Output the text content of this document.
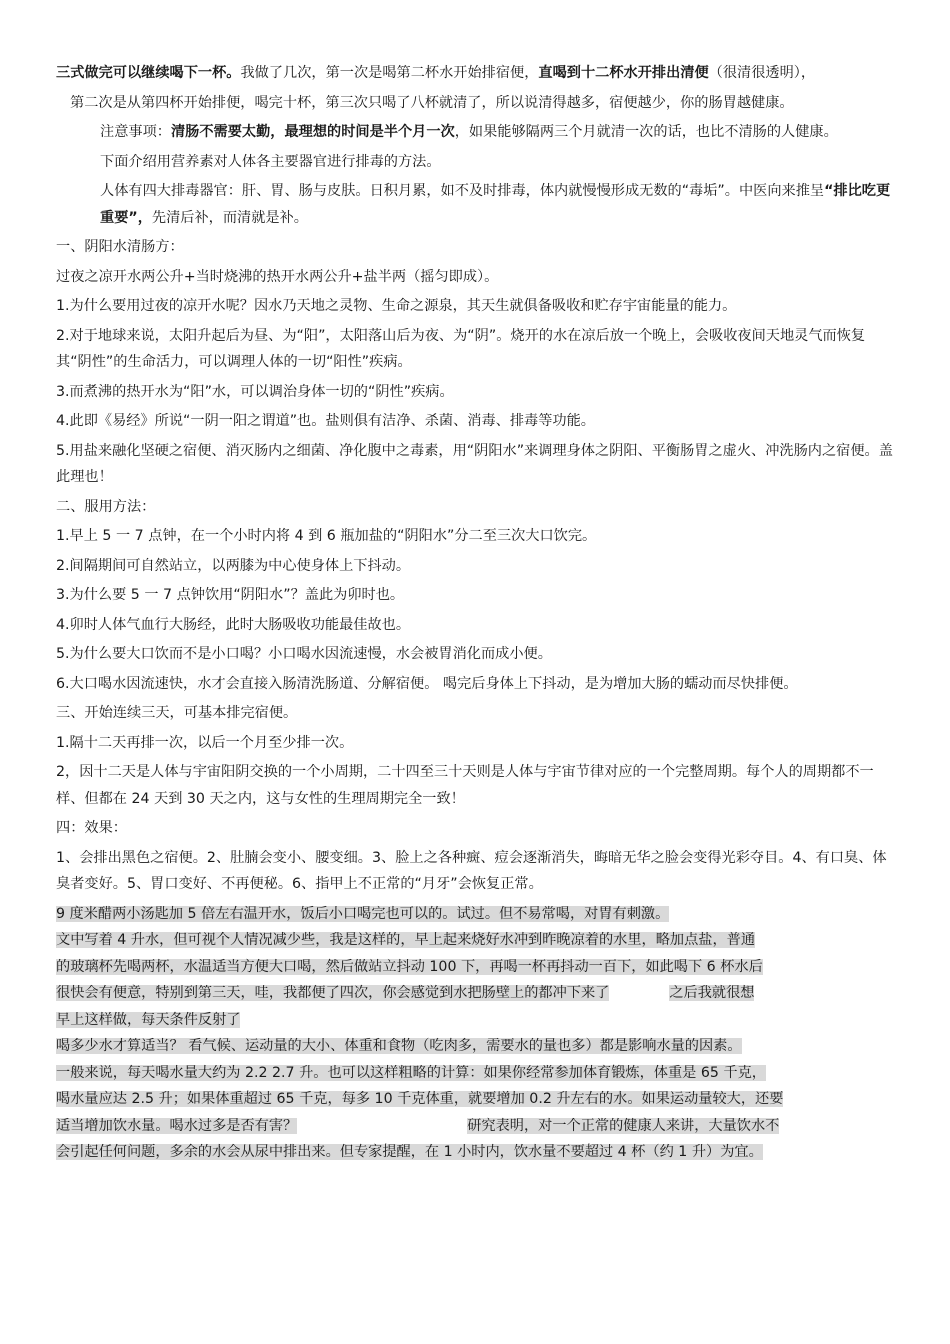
三式做完可以继续喝下一杯。我做了几次，第一次是喝第二杯水开始排宿便，直喝到十二杯水开排出清便（很清很透明），

第二次是从第四杯开始排便，喝完十杯，第三次只喝了八杯就清了，所以说清得越多，宿便越少，你的肠胃越健康。

注意事项：清肠不需要太勤，最理想的时间是半个月一次，如果能够隔两三个月就清一次的话，也比不清肠的人健康。

下面介绍用营养素对人体各主要器官进行排毒的方法。

人体有四大排毒器官：肝、胃、肠与皮肤。日积月累，如不及时排毒，体内就慢慢形成无数的“毒垢”。中医向来推呈“排比吃更重要”，先清后补，而清就是补。

一、阴阳水清肠方：

过夜之凉开水两公升+当时烧沸的热开水两公升+盐半两（摇匀即成）。

1.为什么要用过夜的凉开水呢？因水乃天地之灵物、生命之源泉，其天生就俱备吸收和贮存宇宙能量的能力。

2.对于地球来说，太阳升起后为昼、为“阳”，太阳落山后为夜、为“阴”。烧开的水在凉后放一个晚上，会吸收夜间天地灵气而恢复其“阴性”的生命活力，可以调理人体的一切“阳性”疾病。

3.而煮沸的热开水为“阳”水，可以调治身体一切的“阴性”疾病。

4.此即《易经》所说“一阴一阳之谓道”也。盐则俱有洁净、杀菌、消毒、排毒等功能。

5.用盐来融化坚硬之宿便、消灭肠内之细菌、净化腹中之毒素，用“阴阳水”来调理身体之阴阳、平衡肠胃之虚火、冲洗肠内之宿便。盖此理也！

二、服用方法：

1.早上 5 一 7 点钟，在一个小时内将 4 到 6 瓶加盐的“阴阳水”分二至三次大口饮完。

2.间隔期间可自然站立，以两膝为中心使身体上下抖动。

3.为什么要 5 一 7 点钟饮用“阴阳水”？盖此为卯时也。

4.卯时人体气血行大肠经，此时大肠吸收功能最佳故也。

5.为什么要大口饮而不是小口喝？小口喝水因流速慢，水会被胃消化而成小便。

6.大口喝水因流速快，水才会直接入肠清洗肠道、分解宿便。 喝完后身体上下抖动，是为增加大肠的蠕动而尽快排便。

三、开始连续三天，可基本排完宿便。

1.隔十二天再排一次，以后一个月至少排一次。

2，因十二天是人体与宇宙阳阴交换的一个小周期，二十四至三十天则是人体与宇宙节律对应的一个完整周期。每个人的周期都不一样、但都在 24 天到 30 天之内，这与女性的生理周期完全一致！

四：效果：

1、会排出黑色之宿便。2、肚腩会变小、腰变细。3、脸上之各种癍、痘会逐渐消失，晦暗无华之脸会变得光彩夺目。4、有口臭、体臭者变好。5、胃口变好、不再便秘。6、指甲上不正常的“月牙”会恢复正常。

9 度米醋两小汤匙加 5 倍左右温开水，饭后小口喝完也可以的。试过。但不易常喝，对胃有刺激。
文中写着 4 升水，但可视个人情况减少些，我是这样的，早上起来烧好水冲到昨晚凉着的水里，略加点盐，普通
的玻璃杯先喝两杯，水温适当方便大口喝，然后做站立抖动 100 下，再喝一杯再抖动一百下，如此喝下 6 杯水后
很快会有便意，特别到第三天，哇，我都便了四次，你会感觉到水把肠壁上的都冲下来了	之后我就很想
早上这样做，每天条件反射了
喝多少水才算适当？ 看气候、运动量的大小、体重和食物（吃肉多，需要水的量也多）都是影响水量的因素。
一般来说，每天喝水量大约为 2.2 2.7 升。也可以这样粗略的计算：如果你经常参加体育锻炼，体重是 65 千克，
喝水量应达 2.5 升；如果体重超过 65 千克，每多 10 千克体重，就要增加 0.2 升左右的水。如果运动量较大，还要
适当增加饮水量。喝水过多是否有害？	研究表明，对一个正常的健康人来讲，大量饮水不
会引起任何问题，多余的水会从尿中排出来。但专家提醒，在 1 小时内，饮水量不要超过 4 杯（约 1 升）为宜。
